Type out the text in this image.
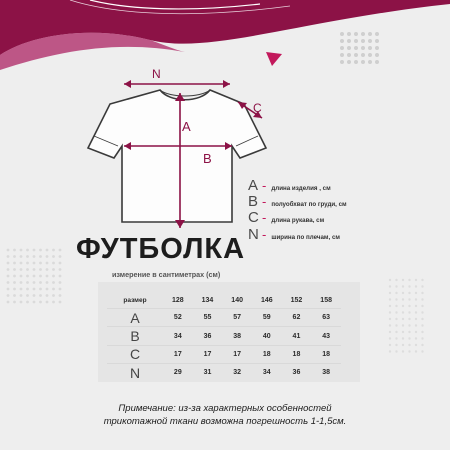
N
A
B
C
A - длина изделия , см
B - полуобхват по груди, см
C - длина рукава, см
N - ширина по плечам, см
ФУТБОЛКА
измерение в сантиметрах (см)
размер	128	134	140	146	152	158
A	52	55	57	59	62	63
B	34	36	38	40	41	43
C	17	17	17	18	18	18
N	29	31	32	34	36	38
Примечание: из-за характерных особенностей
трикотажной ткани возможна погрешность 1-1,5см.
